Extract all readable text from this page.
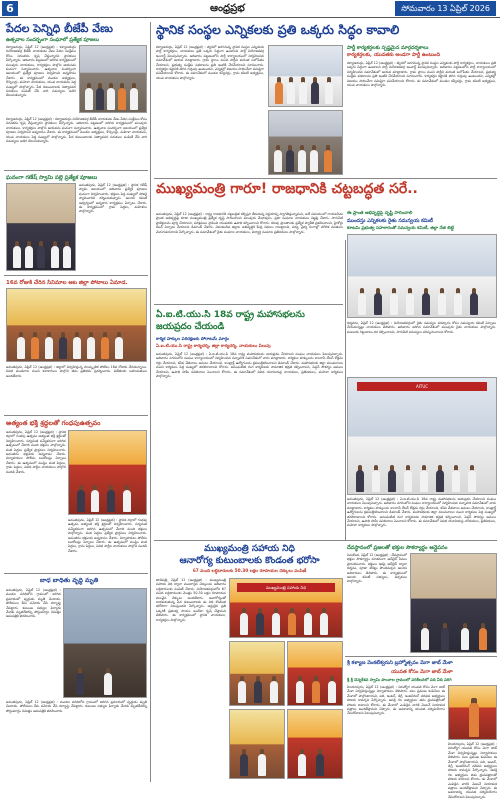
6	ఆంధ్రప్రభ	సోమవారం 13 ఏప్రిల్ 2026
పేదల పెన్నిధి బీజేపీ వేణు
ఉత్సవాల సందర్భంగా సంఘాలో ప్రత్యేక పూజలు
కళ్యాణదుర్గం, ఏప్రిల్ 12 (ఆంధ్రప్రభ) : కళ్యాణదుర్గం నియోజకవర్గ బీజేపీ నాయకుడు వేణు పేదల సంక్షేమం కోసం నిరంతరం కృషి చేస్తున్నారని స్థానికులు పేర్కొన్నారు. ఆదివారం పట్టణంలో జరిగిన కార్యక్రమంలో పలువురు నాయకులు, కార్యకర్తలు పాల్గొని ఆయనను ఘనంగా సన్మానించారు. ఉత్సవాల సందర్భంగా ఆలయంలో ప్రత్యేక పూజలు నిర్వహించి అన్నదానం చేశారు. ఈ కార్యక్రమంలో మండల అధ్యక్షులు, కౌన్సిలర్లు, మహిళా నాయకులు, యువ నాయకులు పెద్ద సంఖ్యలో పాల్గొన్నారు. పేద కుటుంబాలకు నిత్యావసర సరుకులు పంపిణీ చేసి వారి సమస్యలు అడిగి తెలుసుకున్నారు.
కళ్యాణదుర్గం, ఏప్రిల్ 12 (ఆంధ్రప్రభ) : కళ్యాణదుర్గం నియోజకవర్గ బీజేపీ నాయకుడు వేణు పేదల సంక్షేమం కోసం నిరంతరం కృషి చేస్తున్నారని స్థానికులు పేర్కొన్నారు. ఆదివారం పట్టణంలో జరిగిన కార్యక్రమంలో పలువురు నాయకులు, కార్యకర్తలు పాల్గొని ఆయనను ఘనంగా సన్మానించారు. ఉత్సవాల సందర్భంగా ఆలయంలో ప్రత్యేక పూజలు నిర్వహించి అన్నదానం చేశారు. ఈ కార్యక్రమంలో మండల అధ్యక్షులు, కౌన్సిలర్లు, మహిళా నాయకులు, యువ నాయకులు పెద్ద సంఖ్యలో పాల్గొన్నారు. పేద కుటుంబాలకు నిత్యావసర సరుకులు పంపిణీ చేసి వారి సమస్యలు అడిగి తెలుసుకున్నారు.
ఘనంగా గణేష్ స్వామి పల్లె ప్రత్యేక పూజలు
అనంతపురం, ఏప్రిల్ 12 (ఆంధ్రప్రభ) : స్థానిక గణేష్ స్వామి ఆలయంలో ఆదివారం ప్రత్యేక పూజలు ఘనంగా నిర్వహించారు. భక్తులు పెద్ద సంఖ్యలో హాజరై స్వామివారిని దర్శించుకున్నారు. ఆలయ కమిటీ ఆధ్వర్యంలో అన్నదాన కార్యక్రమం ఏర్పాటు చేశారు. ఈ కార్యక్రమంలో గ్రామ పెద్దలు, మహిళలు పాల్గొన్నారు.
16వ రోజుకి చేరిన సినిమాల ఆట జిల్లా పోటాలు ఏమాడ.
అనంతపురం, ఏప్రిల్ 12 (ఆంధ్రప్రభ) : జిల్లాలో నిర్వహిస్తున్న సాంస్కృతిక పోటీలు 16వ రోజుకు చేరుకున్నాయి. వివిధ మండలాల నుంచి కళాకారులు పాల్గొని తమ ప్రతిభను ప్రదర్శించారు. విజేతలకు బహుమతులు అందజేశారు.
అత్యంత భక్తి శ్రద్ధలతో గంధపుఉత్సవం
అనంతపురం, ఏప్రిల్ 12 (ఆంధ్రప్రభ) : స్థానిక దర్గాలో గంధపు ఉత్సవం అత్యంత భక్తి శ్రద్ధలతో నిర్వహించారు. సర్వమత సమ్మేళనంగా జరిగిన ఉత్సవంలో వేలాది మంది భక్తులు పాల్గొన్నారు. మత పెద్దలు ప్రత్యేక ప్రార్థనలు నిర్వహించారు. అనంతరం భక్తులకు అన్నదానం చేశారు. నిర్వాహకులు పోలీసు బందోబస్తు ఏర్పాటు చేశారు. ఈ ఉత్సవంలో ముస్లిం మత పెద్దలు, గ్రామ పెద్దలు, వివిధ పార్టీల నాయకులు పాల్గొని సందడి చేశారు.
అనంతపురం, ఏప్రిల్ 12 (ఆంధ్రప్రభ) : స్థానిక దర్గాలో గంధపు ఉత్సవం అత్యంత భక్తి శ్రద్ధలతో నిర్వహించారు. సర్వమత సమ్మేళనంగా జరిగిన ఉత్సవంలో వేలాది మంది భక్తులు పాల్గొన్నారు. మత పెద్దలు ప్రత్యేక ప్రార్థనలు నిర్వహించారు. అనంతరం భక్తులకు అన్నదానం చేశారు. నిర్వాహకులు పోలీసు బందోబస్తు ఏర్పాటు చేశారు. ఈ ఉత్సవంలో ముస్లిం మత పెద్దలు, గ్రామ పెద్దలు, వివిధ పార్టీల నాయకులు పాల్గొని సందడి చేశారు.
బాధ బాధితు వృద్ధి మృతి
అనంతపురం, ఏప్రిల్ 12 (ఆంధ్రప్రభ) : మండల పరిధిలోని గ్రామంలో జరిగిన ప్రమాదంలో వృద్ధుడు మృతి చెందాడు. పోలీసులు కేసు నమోదు చేసి దర్యాప్తు చేపట్టారు. కుటుంబ సభ్యుల ఫిర్యాదు మేరకు మృతదేహాన్ని పోస్టుమార్టం నిమిత్తం ఆసుపత్రికి తరలించారు.
అనంతపురం, ఏప్రిల్ 12 (ఆంధ్రప్రభ) : మండల పరిధిలోని గ్రామంలో జరిగిన ప్రమాదంలో వృద్ధుడు మృతి చెందాడు. పోలీసులు కేసు నమోదు చేసి దర్యాప్తు చేపట్టారు. కుటుంబ సభ్యుల ఫిర్యాదు మేరకు మృతదేహాన్ని పోస్టుమార్టం నిమిత్తం ఆసుపత్రికి తరలించారు.
స్థానిక సంస్థల ఎన్నికలకు ప్రతి ఒక్కరు సిద్ధం కావాలి
కళ్యాణదుర్గం, ఏప్రిల్ 12 (ఆంధ్రప్రభ) : త్వరలో జరగనున్న స్థానిక సంస్థల ఎన్నికలకు పార్టీ కార్యకర్తలు, నాయకులు ప్రతి ఒక్కరు సిద్ధంగా ఉండాలని పార్టీ నియోజకవర్గ ఇంచార్జ్ పిలుపునిచ్చారు. ఆదివారం పట్టణంలోని పార్టీ కార్యాలయంలో నిర్వహించిన సమావేశంలో ఆయన మాట్లాడారు. గ్రామ స్థాయి నుంచి పార్టీని మరింత బలోపేతం చేయాలని, ప్రభుత్వ సంక్షేమ పథకాలను ప్రతి ఇంటికి చేరవేయాలని సూచించారు. కార్యకర్తల కష్టానికి తగిన గుర్తింపు ఉంటుందని, ఎన్నికల్లో విజయం సాధించేలా సమిష్టిగా పనిచేయాలని కోరారు. ఈ సమావేశంలో మండల కన్వీనర్లు, గ్రామ కమిటీ అధ్యక్షులు, యువ నాయకులు పాల్గొన్నారు.
పార్టీ కార్యకర్తలకు స్పష్టమైన మార్గదర్శకాలు
కార్యకర్తలకు, యువతకు అండగా పార్టీ ఉంటుంది
కళ్యాణదుర్గం, ఏప్రిల్ 12 (ఆంధ్రప్రభ) : త్వరలో జరగనున్న స్థానిక సంస్థల ఎన్నికలకు పార్టీ కార్యకర్తలు, నాయకులు ప్రతి ఒక్కరు సిద్ధంగా ఉండాలని పార్టీ నియోజకవర్గ ఇంచార్జ్ పిలుపునిచ్చారు. ఆదివారం పట్టణంలోని పార్టీ కార్యాలయంలో నిర్వహించిన సమావేశంలో ఆయన మాట్లాడారు. గ్రామ స్థాయి నుంచి పార్టీని మరింత బలోపేతం చేయాలని, ప్రభుత్వ సంక్షేమ పథకాలను ప్రతి ఇంటికి చేరవేయాలని సూచించారు. కార్యకర్తల కష్టానికి తగిన గుర్తింపు ఉంటుందని, ఎన్నికల్లో విజయం సాధించేలా సమిష్టిగా పనిచేయాలని కోరారు. ఈ సమావేశంలో మండల కన్వీనర్లు, గ్రామ కమిటీ అధ్యక్షులు, యువ నాయకులు పాల్గొన్నారు.
ముఖ్యమంత్రి గారూ! రాజధానికి చట్టబద్ధత సరే..
ఈ ప్రాంత అభివృద్ధిపై దృష్టి సారించాలి
అనంతపురం, ఏప్రిల్ 12 (ఆంధ్రప్రభ) : రాష్ట్ర రాజధానికి చట్టబద్ధత కల్పిస్తూ తీసుకున్న నిర్ణయాన్ని స్వాగతిస్తున్నామని, అదే సమయంలో రాయలసీమ ప్రాంత అభివృద్ధిపై కూడా ముఖ్యమంత్రి ప్రత్యేక దృష్టి సారించాలని పలువురు మేధావులు, ప్రజా సంఘాల నాయకులు విజ్ఞప్తి చేశారు. సాగునీటి ప్రాజెక్టులను పూర్తి చేయాలని, పరిశ్రమలు స్థాపించి యువతకు ఉపాధి కల్పించాలని కోరారు. కరువు ప్రాంతాలకు ప్రత్యేక ప్యాకేజీ ప్రకటించాలని, హైకోర్టు బెంచ్ ఏర్పాటు చేయాలని డిమాండ్ చేశారు. వెనుకబడిన జిల్లాల అభివృద్ధికి కేంద్ర నిధులు రాబట్టాలని, విద్య, వైద్య రంగాల్లో మౌలిక వసతులు మెరుగుపరచాలని పేర్కొన్నారు. ఈ సమావేశంలో రైతు సంఘాల నాయకులు, విద్యార్థి సంఘాల ప్రతినిధులు పాల్గొన్నారు.
ముందస్తు ఎన్నికలకు రైతు సమన్వయ కమిటీ
కూటమి ప్రభుత్వ సహకారంతో సమన్వయ కమిటీ, జిల్లా నేత బెట్టి
ధర్మవరం, ఏప్రిల్ 12 (ఆంధ్రప్రభ) : నియోజకవర్గంలో రైతు సమస్యల పరిష్కారం కోసం సమన్వయ కమిటీ ఏర్పాటు చేయనున్నట్లు నాయకులు తెలిపారు. ఆదివారం జరిగిన సమావేశంలో పలువురు రైతు నాయకులు పాల్గొన్నారు. పంటలకు గిట్టుబాటు ధర కల్పించాలని, సాగునీటి సమస్యలు పరిష్కరించాలని కోరారు.
ఏ.ఐ.టి.యు.సి 18వ రాష్ట్ర మహాసభలను జయప్రదం చేయండి
కార్మిక హక్కుల పరిరక్షణకు పోరాటమే మార్గం
ఏ.ఐ.టి.యు.సి రాష్ట్ర కార్యదర్శి, జిల్లా కార్యదర్శి, నాయకులు పిలుపు
అనంతపురం, ఏప్రిల్ 12 (ఆంధ్రప్రభ) : ఏ.ఐ.టి.యు.సి 18వ రాష్ట్ర మహాసభలను జయప్రదం చేయాలని సంఘం నాయకులు పిలుపునిచ్చారు. ఆదివారం నగరంలోని సంఘం కార్యాలయంలో నిర్వహించిన సన్నాహక సమావేశంలో వారు మాట్లాడారు. కార్మికుల హక్కులను కాలరాసే లేబర్ కోడ్లను రద్దు చేయాలని, కనీస వేతనాలు అమలు చేయాలని, కాంట్రాక్ట్ ఉద్యోగులను క్రమబద్ధీకరించాలని డిమాండ్ చేశారు. మహాసభలకు జిల్లా నలుమూలల నుంచి కార్మికులు పెద్ద సంఖ్యలో తరలిరావాలని కోరారు. అసంఘటిత రంగ కార్మికులకు సామాజిక భద్రత కల్పించాలని, పెన్షన్ సౌకర్యం అమలు చేయాలని, ఉపాధి హామీ పనిదినాలు పెంచాలని కోరారు. ఈ సమావేశంలో వివిధ యూనియన్ల నాయకులు, ప్రతినిధులు, మహిళా కార్మికులు పాల్గొన్నారు.
AITUC
అనంతపురం, ఏప్రిల్ 12 (ఆంధ్రప్రభ) : ఏ.ఐ.టి.యు.సి 18వ రాష్ట్ర మహాసభలను జయప్రదం చేయాలని సంఘం నాయకులు పిలుపునిచ్చారు. ఆదివారం నగరంలోని సంఘం కార్యాలయంలో నిర్వహించిన సన్నాహక సమావేశంలో వారు మాట్లాడారు. కార్మికుల హక్కులను కాలరాసే లేబర్ కోడ్లను రద్దు చేయాలని, కనీస వేతనాలు అమలు చేయాలని, కాంట్రాక్ట్ ఉద్యోగులను క్రమబద్ధీకరించాలని డిమాండ్ చేశారు. మహాసభలకు జిల్లా నలుమూలల నుంచి కార్మికులు పెద్ద సంఖ్యలో తరలిరావాలని కోరారు. అసంఘటిత రంగ కార్మికులకు సామాజిక భద్రత కల్పించాలని, పెన్షన్ సౌకర్యం అమలు చేయాలని, ఉపాధి హామీ పనిదినాలు పెంచాలని కోరారు. ఈ సమావేశంలో వివిధ యూనియన్ల నాయకులు, ప్రతినిధులు, మహిళా కార్మికులు పాల్గొన్నారు.
ముఖ్యమంత్రి సహాయ నిధి
ఆనారోగ్య కుటుంబాలకు కొండంత భరోసా
67 మంది లబ్ధిదారులకు 50.30 లక్షల రూపాయల చెక్కులు పంపిణీ
తాడిపత్రి, ఏప్రిల్ 12 (ఆంధ్రప్రభ) : ముఖ్యమంత్రి సహాయ నిధి ద్వారా మంజూరైన చెక్కులను ఆదివారం లబ్ధిదారులకు పంపిణీ చేశారు. నియోజకవర్గంలోని 67 మంది లబ్ధిదారులకు మొత్తం 50.30 లక్షల రూపాయల విలువైన చెక్కులు అందజేశారు. ఆనారోగ్యంతో బాధపడుతున్న పేద కుటుంబాలకు ఈ నిధి కొండంత భరోసాగా నిలుస్తుందని పేర్కొన్నారు. అర్హులైన ప్రతి ఒక్కరికీ ప్రభుత్వ సాయం అందేలా కృషి చేస్తామని తెలిపారు. ఈ కార్యక్రమంలో స్థానిక నాయకులు, కార్యకర్తలు పాల్గొన్నారు.
ముఖ్యమంత్రి సహాయ నిధి
దేవస్థానంలో ప్రజలతో భక్తుల సౌకర్యార్థం ఆన్లైపనం
పెనుకొండ, ఏప్రిల్ 12 (ఆంధ్రప్రభ) : దేవస్థానంలో భక్తుల సౌకర్యార్థం నూతనంగా ఆన్‌లైన్ సేవలు ప్రారంభించారు. భక్తులు ఇకపై ఆన్‌లైన్ ద్వారా దర్శనం, పూజా టికెట్లు పొందవచ్చని ఆలయ అధికారులు తెలిపారు. ఈ కార్యక్రమంలో ఆలయ కమిటీ సభ్యులు, అర్చకులు పాల్గొన్నారు.
శ్రీ కళ్యాణ వెంకటేశ్వరుని బ్రహ్మోత్సవం మెగా జాబ్ మేళా
యువత కోసం మెగా జాబ్ మేళా
శ్రీ శ్రీ చెన్నకేశవ స్వామి పాంచాల గ్రామంలో పరిశీలనలో పది వీది పరిగి
హిందూపురం, ఏప్రిల్ 12 (ఆంధ్రప్రభ) : నిరుద్యోగ యువత కోసం మెగా జాబ్ మేళా నిర్వహిస్తున్నట్లు నిర్వాహకులు తెలిపారు. పలు ప్రముఖ కంపెనీలు ఈ మేళాలో పాల్గొంటాయని, పది, ఇంటర్, డిగ్రీ, ఇంజనీరింగ్ చదివిన అభ్యర్థులు హాజరు కావచ్చని పేర్కొన్నారు. ఆసక్తి గల అభ్యర్థులు తమ ధ్రువపత్రాలతో హాజరు కావాలని కోరారు. ఈ మేళాలో ఎంపికైన వారికి వెంటనే నియామక పత్రాలు అందజేస్తామని చెప్పారు. ఈ అవకాశాన్ని యువత సద్వినియోగం చేసుకోవాలని పిలుపునిచ్చారు.
హిందూపురం, ఏప్రిల్ 12 (ఆంధ్రప్రభ) : నిరుద్యోగ యువత కోసం మెగా జాబ్ మేళా నిర్వహిస్తున్నట్లు నిర్వాహకులు తెలిపారు. పలు ప్రముఖ కంపెనీలు ఈ మేళాలో పాల్గొంటాయని, పది, ఇంటర్, డిగ్రీ, ఇంజనీరింగ్ చదివిన అభ్యర్థులు హాజరు కావచ్చని పేర్కొన్నారు. ఆసక్తి గల అభ్యర్థులు తమ ధ్రువపత్రాలతో హాజరు కావాలని కోరారు. ఈ మేళాలో ఎంపికైన వారికి వెంటనే నియామక పత్రాలు అందజేస్తామని చెప్పారు. ఈ అవకాశాన్ని యువత సద్వినియోగం చేసుకోవాలని పిలుపునిచ్చారు.
